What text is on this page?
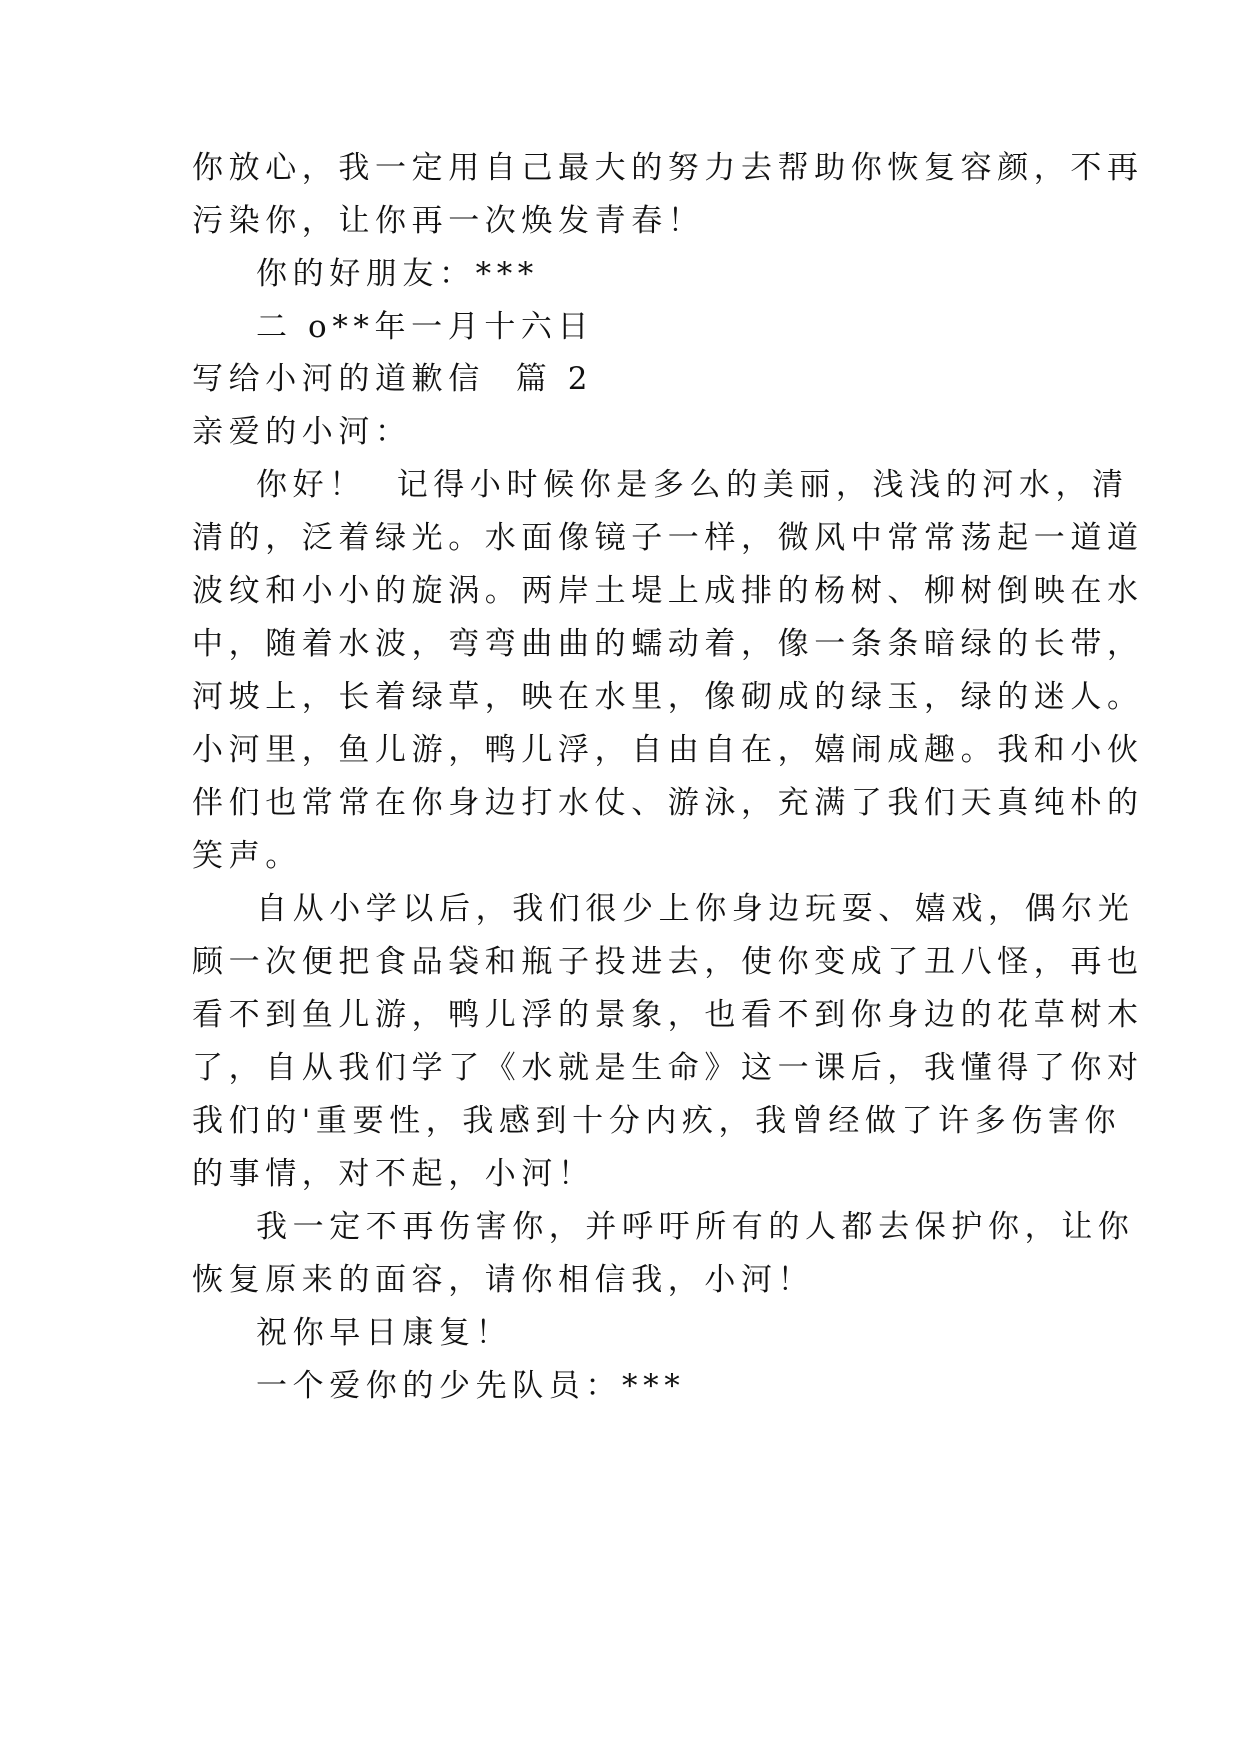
你放心，我一定用自己最大的努力去帮助你恢复容颜，不再
污染你，让你再一次焕发青春！
你的好朋友：***
二 o**年一月十六日
写给小河的道歉信  篇 2
亲爱的小河：
你好！  记得小时候你是多么的美丽，浅浅的河水，清
清的，泛着绿光。水面像镜子一样，微风中常常荡起一道道
波纹和小小的旋涡。两岸土堤上成排的杨树、柳树倒映在水
中，随着水波，弯弯曲曲的蠕动着，像一条条暗绿的长带，
河坡上，长着绿草，映在水里，像砌成的绿玉，绿的迷人。
小河里，鱼儿游，鸭儿浮，自由自在，嬉闹成趣。我和小伙
伴们也常常在你身边打水仗、游泳，充满了我们天真纯朴的
笑声。
自从小学以后，我们很少上你身边玩耍、嬉戏，偶尔光
顾一次便把食品袋和瓶子投进去，使你变成了丑八怪，再也
看不到鱼儿游，鸭儿浮的景象，也看不到你身边的花草树木
了，自从我们学了《水就是生命》这一课后，我懂得了你对
我们的'重要性，我感到十分内疚，我曾经做了许多伤害你
的事情，对不起，小河！
我一定不再伤害你，并呼吁所有的人都去保护你，让你
恢复原来的面容，请你相信我，小河！
祝你早日康复！
一个爱你的少先队员：***
